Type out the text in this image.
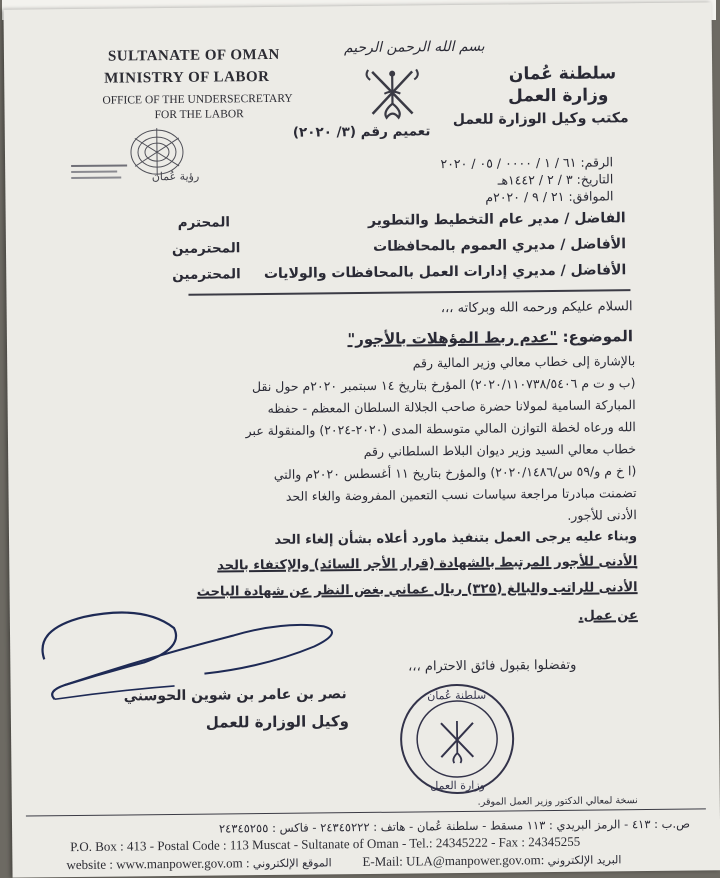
SULTANATE OF OMAN
MINISTRY OF LABOR
OFFICE OF THE UNDERSECRETARY
FOR THE LABOR
بسم الله الرحمن الرحيم
سلطنة عُمان
وزارة العمل
مكتب وكيل الوزارة للعمل
تعميم رقم (٣/ ٢٠٢٠)
رؤية عُمان
الرقم: ٦١ / ١ / ٠٠٠٠ / ٠٥ / ٢٠٢٠
التاريخ: ٣ / ٢ / ١٤٤٢هـ
الموافق: ٢١ / ٩ / ٢٠٢٠م
الفاضل / مدير عام التخطيط والتطوير
المحترم
الأفاضل / مديري العموم بالمحافظات
المحترمين
الأفاضل / مديري إدارات العمل بالمحافظات والولايات
المحترمين
السلام عليكم ورحمه الله وبركاته ،،،
الموضوع: "عدم ربط المؤهلات بالأجور"
بالإشارة إلى خطاب معالي وزير المالية رقم
(ب و ت م ٢٠٢٠/١١٠٧٣٨/٥٤٠٦) المؤرخ بتاريخ ١٤ سبتمبر ٢٠٢٠م حول نقل
المباركة السامية لمولانا حضرة صاحب الجلالة السلطان المعظم - حفظه
الله ورعاه لخطة التوازن المالي متوسطة المدى (٢٠٢٠-٢٠٢٤) والمنقولة عبر
خطاب معالي السيد وزير ديوان البلاط السلطاني رقم
(ا خ م و/٥٩ س/٢٠٢٠/١٤٨٦) والمؤرخ بتاريخ ١١ أغسطس ٢٠٢٠م والتي
تضمنت مبادرتا مراجعة سياسات نسب التعمين المفروضة والغاء الحد
الأدنى للأجور.
وبناء عليه يرجى العمل بتنفيذ ماورد أعلاه بشأن إلغاء الحد
الأدنى للأجور المرتبط بالشهادة (قرار الأجر السائد) والإكتفاء بالحد
الأدنى للراتب والبالغ (٣٢٥) ريال عماني بغض النظر عن شهادة الباحث
عن عمل.
وتفضلوا بقبول فائق الاحترام ،،،
نصر بن عامر بن شوين الحوسني
وكيل الوزارة للعمل
سلطنة عُمان
وزارة العمل
نسخة لمعالي الدكتور وزير العمل الموقر.
ص.ب : ٤١٣ - الرمز البريدي : ١١٣ مسقط - سلطنة عُمان - هاتف : ٢٤٣٤٥٢٢٢ - فاكس : ٢٤٣٤٥٢٥٥
P.O. Box : 413 - Postal Code : 113 Muscat - Sultanate of Oman - Tel.: 24345222 - Fax : 24345255
website : www.manpower.gov.om : الموقع الإلكتروني E-Mail: ULA@manpower.gov.om: البريد الإلكتروني
